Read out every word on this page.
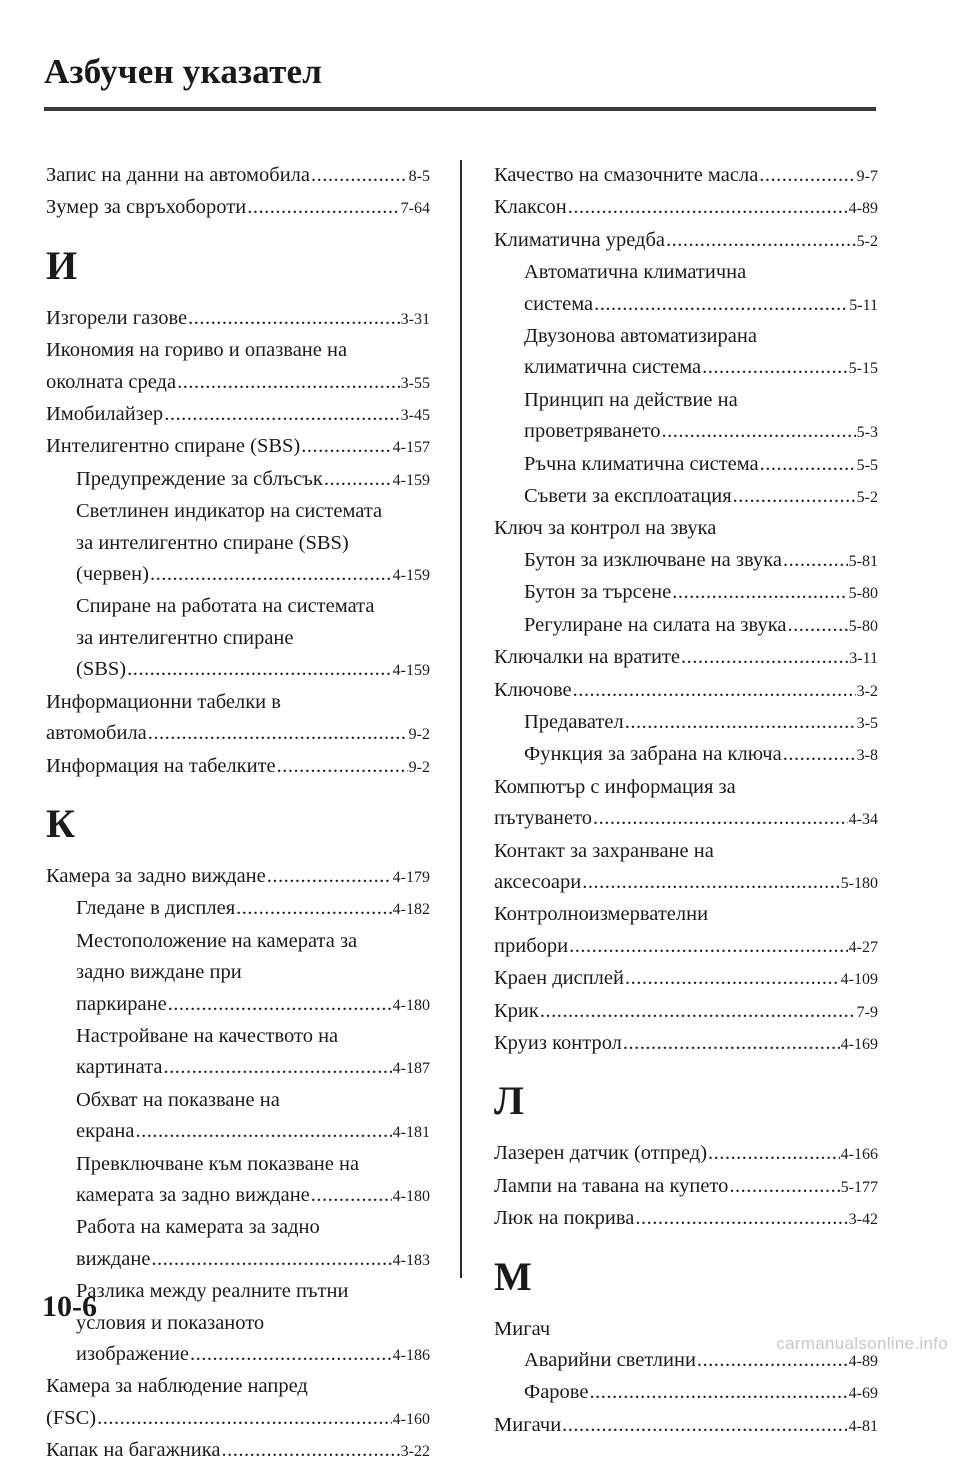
Азбучен указател
Запис на данни на автомобила .....	8-5
Зумер за свръхобороти .....	7-64
И
Изгорели газове .....	3-31
Икономия на гориво и опазване на
околната среда .....	3-55
Имобилайзер .....	3-45
Интелигентно спиране (SBS) .....	4-157
Предупреждение за сблъсък .....	4-159
Светлинен индикатор на системата
за интелигентно спиране (SBS)
(червен) .....	4-159
Спиране на работата на системата
за интелигентно спиране
(SBS) .....	4-159
Информационни табелки в
автомобила .....	9-2
Информация на табелките .....	9-2
К
Камера за задно виждане .....	4-179
Гледане в дисплея .....	4-182
Местоположение на камерата за
задно виждане при
паркиране .....	4-180
Настройване на качеството на
картината .....	4-187
Обхват на показване на
екрана .....	4-181
Превключване към показване на
камерата за задно виждане .....	4-180
Работа на камерата за задно
виждане .....	4-183
Разлика между реалните пътни
условия и показаното
изображение .....	4-186
Камера за наблюдение напред
(FSC) .....	4-160
Капак на багажника .....	3-22
Качество на смазочните масла .....	9-7
Клаксон .....	4-89
Климатична уредба .....	5-2
Автоматична климатична
система .....	5-11
Двузонова автоматизирана
климатична система .....	5-15
Принцип на действие на
проветряването .....	5-3
Ръчна климатична система .....	5-5
Съвети за експлоатация .....	5-2
Ключ за контрол на звука
Бутон за изключване на звука .....	5-81
Бутон за търсене .....	5-80
Регулиране на силата на звука .....	5-80
Ключалки на вратите .....	3-11
Ключове .....	3-2
Предавател .....	3-5
Функция за забрана на ключа .....	3-8
Компютър с информация за
пътуването .....	4-34
Контакт за захранване на
аксесоари .....	5-180
Контролноизмервателни
прибори .....	4-27
Краен дисплей .....	4-109
Крик .....	7-9
Круиз контрол .....	4-169
Л
Лазерен датчик (отпред) .....	4-166
Лампи на тавана на купето .....	5-177
Люк на покрива .....	3-42
М
Мигач
Аварийни светлини .....	4-89
Фарове .....	4-69
Мигачи .....	4-81
10-6
carmanualsonline.info
